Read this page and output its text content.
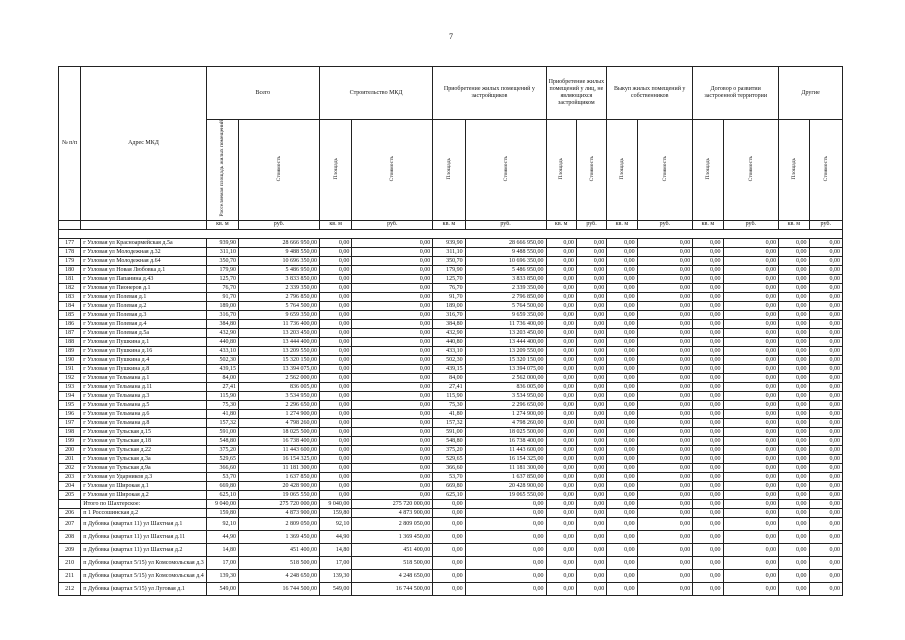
7
№ п/п	Адрес МКД	Всего		Строительство МКД		Приобретение жилых помещений у застройщиков		Приобретение жилых помещений у лиц, не являющихся застройщиком		Выкуп жилых помещений у собственников		Договор о развитии застроенной территории		Другие	
		Расселяемая площадь жилых помещений	Стоимость	Площадь	Стоимость	Площадь	Стоимость	Площадь	Стоимость	Площадь	Стоимость	Площадь	Стоимость	Площадь	Стоимость
		кв. м	руб.	кв. м	руб.	кв. м	руб.	кв. м	руб.	кв. м	руб.	кв. м	руб.	кв. м	руб.

177	г Узловая ул Красноармейская д.5а	939,90	28 666 950,00	0,00	0,00	939,90	28 666 950,00	0,00	0,00	0,00	0,00	0,00	0,00	0,00	0,00
178	г Узловая ул Молодежная д.32	311,10	9 488 550,00	0,00	0,00	311,10	9 488 550,00	0,00	0,00	0,00	0,00	0,00	0,00	0,00	0,00
179	г Узловая ул Молодежная д.64	350,70	10 696 350,00	0,00	0,00	350,70	10 696 350,00	0,00	0,00	0,00	0,00	0,00	0,00	0,00	0,00
180	г Узловая ул Новая Любовка д.1	179,90	5 486 950,00	0,00	0,00	179,90	5 486 950,00	0,00	0,00	0,00	0,00	0,00	0,00	0,00	0,00
181	г Узловая ул Папанина д.43	125,70	3 833 850,00	0,00	0,00	125,70	3 833 850,00	0,00	0,00	0,00	0,00	0,00	0,00	0,00	0,00
182	г Узловая ул Пионеров д.1	76,70	2 339 350,00	0,00	0,00	76,70	2 339 350,00	0,00	0,00	0,00	0,00	0,00	0,00	0,00	0,00
183	г Узловая ул Полевая д.1	91,70	2 796 850,00	0,00	0,00	91,70	2 796 850,00	0,00	0,00	0,00	0,00	0,00	0,00	0,00	0,00
184	г Узловая ул Полевая д.2	189,00	5 764 500,00	0,00	0,00	189,00	5 764 500,00	0,00	0,00	0,00	0,00	0,00	0,00	0,00	0,00
185	г Узловая ул Полевая д.3	316,70	9 659 350,00	0,00	0,00	316,70	9 659 350,00	0,00	0,00	0,00	0,00	0,00	0,00	0,00	0,00
186	г Узловая ул Полевая д.4	384,80	11 736 400,00	0,00	0,00	384,80	11 736 400,00	0,00	0,00	0,00	0,00	0,00	0,00	0,00	0,00
187	г Узловая ул Полевая д.5а	432,90	13 203 450,00	0,00	0,00	432,90	13 203 450,00	0,00	0,00	0,00	0,00	0,00	0,00	0,00	0,00
188	г Узловая ул Пушкина д.1	440,80	13 444 400,00	0,00	0,00	440,80	13 444 400,00	0,00	0,00	0,00	0,00	0,00	0,00	0,00	0,00
189	г Узловая ул Пушкина д.16	433,10	13 209 550,00	0,00	0,00	433,10	13 209 550,00	0,00	0,00	0,00	0,00	0,00	0,00	0,00	0,00
190	г Узловая ул Пушкина д.4	502,30	15 320 150,00	0,00	0,00	502,30	15 320 150,00	0,00	0,00	0,00	0,00	0,00	0,00	0,00	0,00
191	г Узловая ул Пушкина д.8	439,15	13 394 075,00	0,00	0,00	439,15	13 394 075,00	0,00	0,00	0,00	0,00	0,00	0,00	0,00	0,00
192	г Узловая ул Тельмана д.1	84,00	2 562 000,00	0,00	0,00	84,00	2 562 000,00	0,00	0,00	0,00	0,00	0,00	0,00	0,00	0,00
193	г Узловая ул Тельмана д.11	27,41	836 005,00	0,00	0,00	27,41	836 005,00	0,00	0,00	0,00	0,00	0,00	0,00	0,00	0,00
194	г Узловая ул Тельмана д.3	115,90	3 534 950,00	0,00	0,00	115,90	3 534 950,00	0,00	0,00	0,00	0,00	0,00	0,00	0,00	0,00
195	г Узловая ул Тельмана д.5	75,30	2 296 650,00	0,00	0,00	75,30	2 296 650,00	0,00	0,00	0,00	0,00	0,00	0,00	0,00	0,00
196	г Узловая ул Тельмана д.6	41,80	1 274 900,00	0,00	0,00	41,80	1 274 900,00	0,00	0,00	0,00	0,00	0,00	0,00	0,00	0,00
197	г Узловая ул Тельмана д.8	157,32	4 798 260,00	0,00	0,00	157,32	4 798 260,00	0,00	0,00	0,00	0,00	0,00	0,00	0,00	0,00
198	г Узловая ул Тульская д.15	591,00	18 025 500,00	0,00	0,00	591,00	18 025 500,00	0,00	0,00	0,00	0,00	0,00	0,00	0,00	0,00
199	г Узловая ул Тульская д.18	548,80	16 738 400,00	0,00	0,00	548,80	16 738 400,00	0,00	0,00	0,00	0,00	0,00	0,00	0,00	0,00
200	г Узловая ул Тульская д.22	375,20	11 443 600,00	0,00	0,00	375,20	11 443 600,00	0,00	0,00	0,00	0,00	0,00	0,00	0,00	0,00
201	г Узловая ул Тульская д.3а	529,65	16 154 325,00	0,00	0,00	529,65	16 154 325,00	0,00	0,00	0,00	0,00	0,00	0,00	0,00	0,00
202	г Узловая ул Тульская д.9а	366,60	11 181 300,00	0,00	0,00	366,60	11 181 300,00	0,00	0,00	0,00	0,00	0,00	0,00	0,00	0,00
203	г Узловая ул Ударников д.3	53,70	1 637 850,00	0,00	0,00	53,70	1 637 850,00	0,00	0,00	0,00	0,00	0,00	0,00	0,00	0,00
204	г Узловая ул Широкая д.1	669,80	20 428 900,00	0,00	0,00	669,80	20 428 900,00	0,00	0,00	0,00	0,00	0,00	0,00	0,00	0,00
205	г Узловая ул Широкая д.2	625,10	19 065 550,00	0,00	0,00	625,10	19 065 550,00	0,00	0,00	0,00	0,00	0,00	0,00	0,00	0,00
	Итого по Шахтерское:	9 040,00	275 720 000,00	9 040,00	275 720 000,00	0,00	0,00	0,00	0,00	0,00	0,00	0,00	0,00	0,00	0,00
206	п 1 Россошинская д.2	159,80	4 873 900,00	159,80	4 873 900,00	0,00	0,00	0,00	0,00	0,00	0,00	0,00	0,00	0,00	0,00
207	п Дубовка (квартал 11) ул Шахтная д.1	92,10	2 809 050,00	92,10	2 809 050,00	0,00	0,00	0,00	0,00	0,00	0,00	0,00	0,00	0,00	0,00
208	п Дубовка (квартал 11) ул Шахтная д.11	44,90	1 369 450,00	44,90	1 369 450,00	0,00	0,00	0,00	0,00	0,00	0,00	0,00	0,00	0,00	0,00
209	п Дубовка (квартал 11) ул Шахтная д.2	14,80	451 400,00	14,80	451 400,00	0,00	0,00	0,00	0,00	0,00	0,00	0,00	0,00	0,00	0,00
210	п Дубовка (квартал 5/15) ул Комсомольская д.3	17,00	518 500,00	17,00	518 500,00	0,00	0,00	0,00	0,00	0,00	0,00	0,00	0,00	0,00	0,00
211	п Дубовка (квартал 5/15) ул Комсомольская д.4	139,30	4 248 650,00	139,30	4 248 650,00	0,00	0,00	0,00	0,00	0,00	0,00	0,00	0,00	0,00	0,00
212	п Дубовка (квартал 5/15) ул Луговая д.1	549,00	16 744 500,00	549,00	16 744 500,00	0,00	0,00	0,00	0,00	0,00	0,00	0,00	0,00	0,00	0,00
